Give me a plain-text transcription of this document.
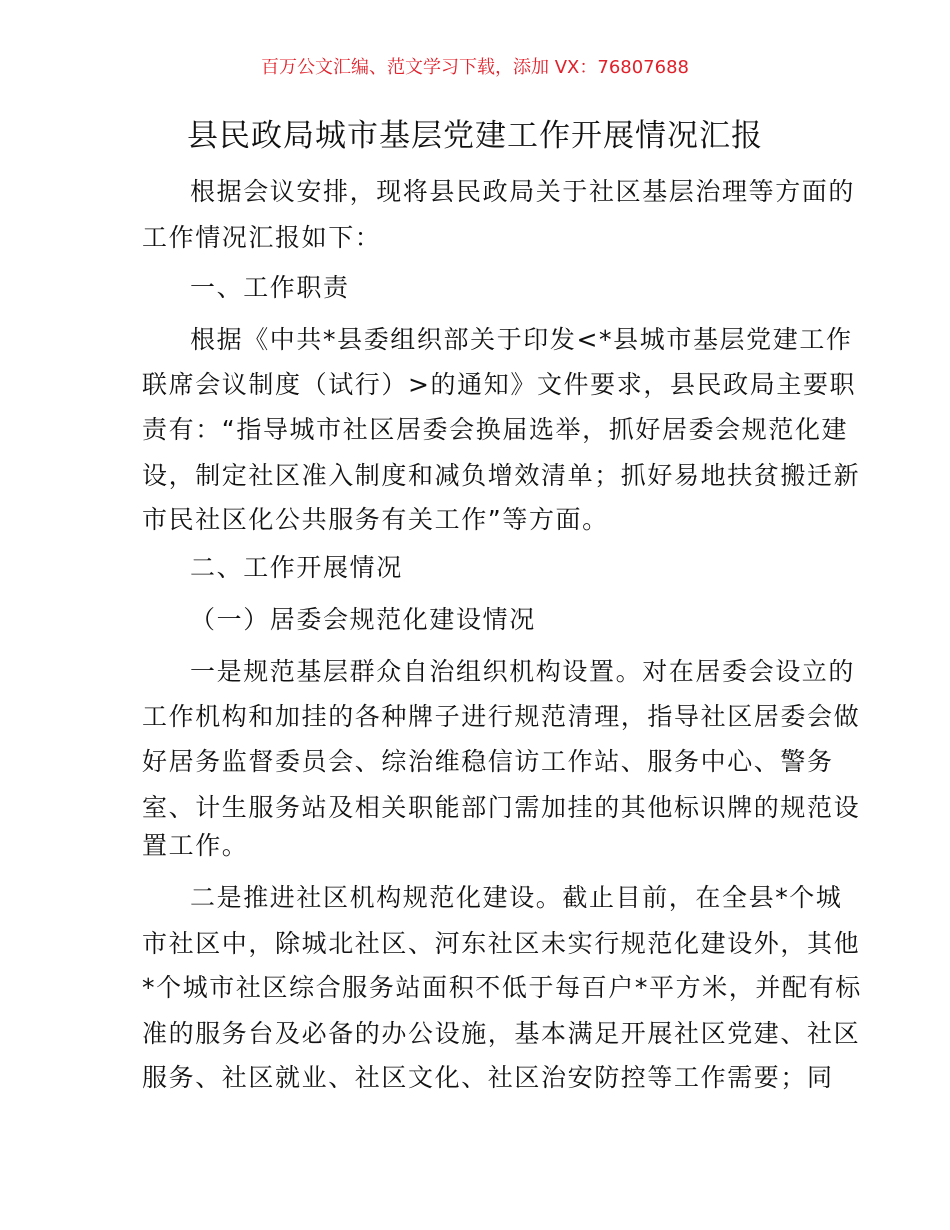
百万公文汇编、范文学习下载，添加 VX：76807688
县民政局城市基层党建工作开展情况汇报
根据会议安排，现将县民政局关于社区基层治理等方面的
工作情况汇报如下：
一、工作职责
根据《中共*县委组织部关于印发<*县城市基层党建工作
联席会议制度（试行）>的通知》文件要求，县民政局主要职
责有：“指导城市社区居委会换届选举，抓好居委会规范化建
设，制定社区准入制度和减负增效清单；抓好易地扶贫搬迁新
市民社区化公共服务有关工作”等方面。
二、工作开展情况
（一）居委会规范化建设情况
一是规范基层群众自治组织机构设置。对在居委会设立的
工作机构和加挂的各种牌子进行规范清理，指导社区居委会做
好居务监督委员会、综治维稳信访工作站、服务中心、警务
室、计生服务站及相关职能部门需加挂的其他标识牌的规范设
置工作。
二是推进社区机构规范化建设。截止目前，在全县*个城
市社区中，除城北社区、河东社区未实行规范化建设外，其他
*个城市社区综合服务站面积不低于每百户*平方米，并配有标
准的服务台及必备的办公设施，基本满足开展社区党建、社区
服务、社区就业、社区文化、社区治安防控等工作需要；同
